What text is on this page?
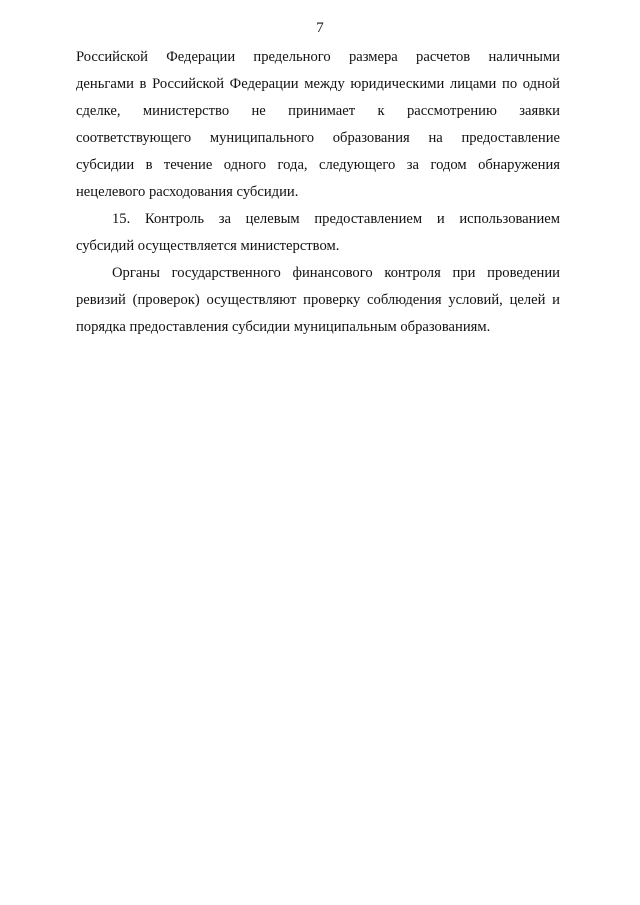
7
Российской Федерации предельного размера расчетов наличными
деньгами в Российской Федерации между юридическими лицами по одной
сделке, министерство не принимает к рассмотрению заявки
соответствующего муниципального образования на предоставление
субсидии в течение одного года, следующего за годом обнаружения
нецелевого расходования субсидии.
15. Контроль за целевым предоставлением и использованием
субсидий осуществляется министерством.
Органы государственного финансового контроля при проведении
ревизий (проверок) осуществляют проверку соблюдения условий, целей и
порядка предоставления субсидии муниципальным образованиям.
